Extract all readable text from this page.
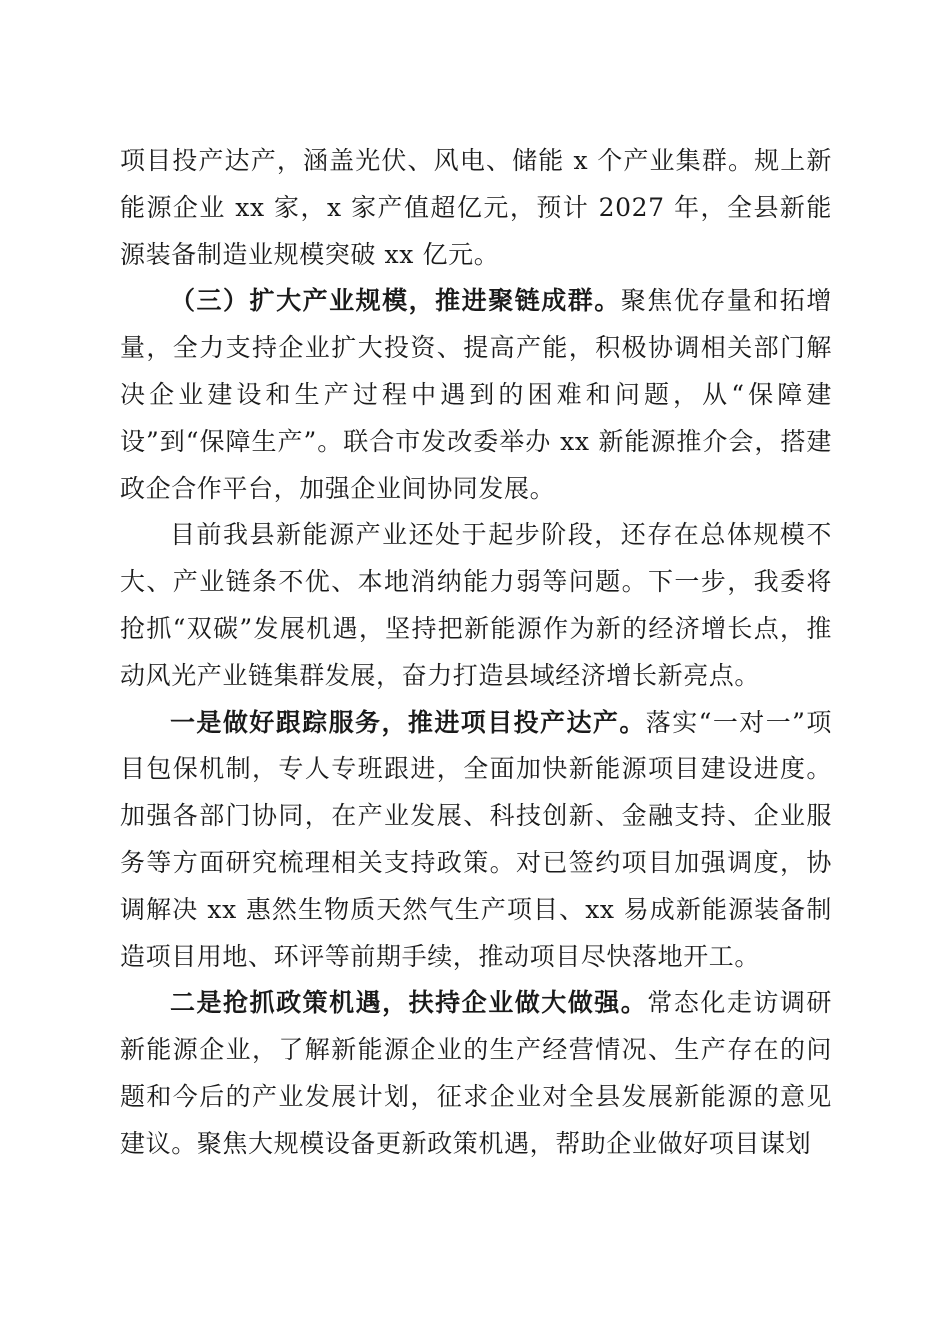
项目投产达产，涵盖光伏、风电、储能 x 个产业集群。规上新能源企业 xx 家，x 家产值超亿元，预计 2027 年，全县新能源装备制造业规模突破 xx 亿元。

（三）扩大产业规模，推进聚链成群。聚焦优存量和拓增量，全力支持企业扩大投资、提高产能，积极协调相关部门解决企业建设和生产过程中遇到的困难和问题，从“保障建设”到“保障生产”。联合市发改委举办 xx 新能源推介会，搭建政企合作平台，加强企业间协同发展。

目前我县新能源产业还处于起步阶段，还存在总体规模不大、产业链条不优、本地消纳能力弱等问题。下一步，我委将抢抓“双碳”发展机遇，坚持把新能源作为新的经济增长点，推动风光产业链集群发展，奋力打造县域经济增长新亮点。

一是做好跟踪服务，推进项目投产达产。落实“一对一”项目包保机制，专人专班跟进，全面加快新能源项目建设进度。加强各部门协同，在产业发展、科技创新、金融支持、企业服务等方面研究梳理相关支持政策。对已签约项目加强调度，协调解决 xx 惠然生物质天然气生产项目、xx 易成新能源装备制造项目用地、环评等前期手续，推动项目尽快落地开工。

二是抢抓政策机遇，扶持企业做大做强。常态化走访调研新能源企业，了解新能源企业的生产经营情况、生产存在的问题和今后的产业发展计划，征求企业对全县发展新能源的意见建议。聚焦大规模设备更新政策机遇，帮助企业做好项目谋划
